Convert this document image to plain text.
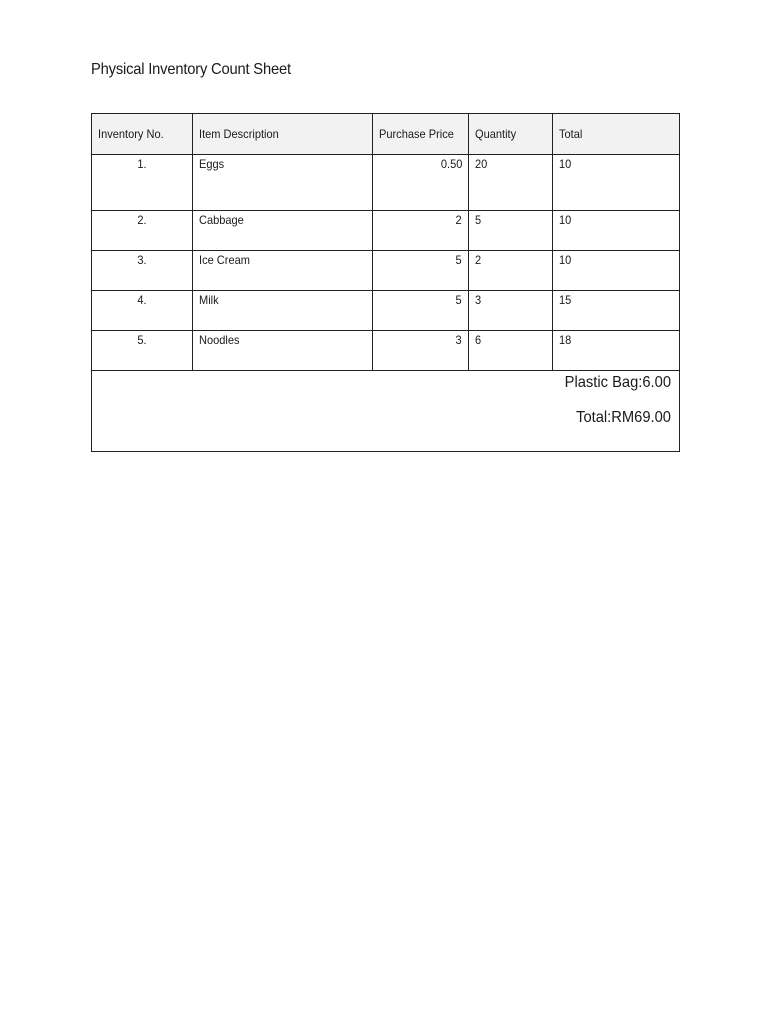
Physical Inventory Count Sheet
Inventory No.	Item Description	Purchase Price	Quantity	Total
1.	Eggs	0.50	20	10
2.	Cabbage	2	5	10
3.	Ice Cream	5	2	10
4.	Milk	5	3	15
5.	Noodles	3	6	18

Plastic Bag:6.00
Total:RM69.00				
